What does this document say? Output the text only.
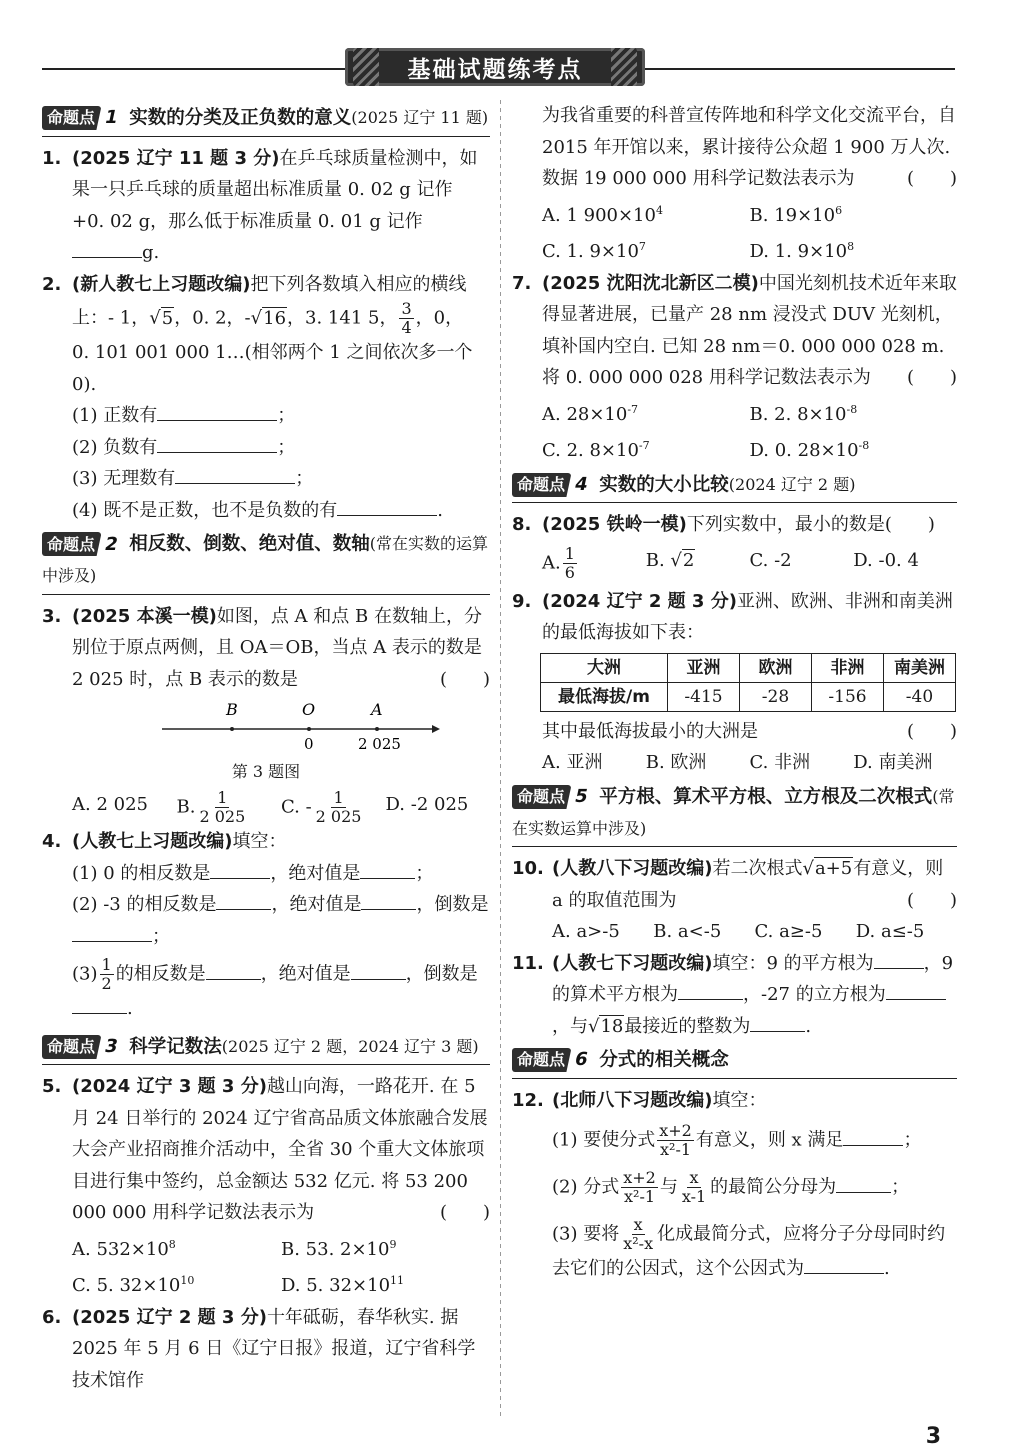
基础试题练考点
命题点 1 实数的分类及正负数的意义(2025 辽宁 11 题)
1. (2025 辽宁 11 题 3 分)在乒乓球质量检测中，如果一只乒乓球的质量超出标准质量 0. 02 g 记作 +0. 02 g，那么低于标准质量 0. 01 g 记作g.
2. (新人教七上习题改编)把下列各数填入相应的横线上：- 1，√5，0. 2，-√16，3. 141 5， $\frac{3}{4}$ ，0，
0. 101 001 000 1…(相邻两个 1 之间依次多一个 0).
(1) 正数有	；
(2) 负数有	；
(3) 无理数有	；
(4) 既不是正数，也不是负数的有	.
命题点 2 相反数、倒数、绝对值、数轴(常在实数的运算中涉及)
3. (2025 本溪一模)如图，点 A 和点 B 在数轴上，分别位于原点两侧，且 OA＝OB，当点 A 表示的数是 2 025 时，点 B 表示的数是	(　　)
B	O	A
0	2 025
第 3 题图
A. 2 025	B. $\frac{1}{2 025} C$. - $\frac{1}{2 025} D$. -2 025
4. (人教七上习题改编)填空：
(1) 0 的相反数是	，绝对值是	；
(2) -3 的相反数是	，绝对值是	，倒数是；
$(3) \frac{1}{2}$ 的相反数是	，绝对值是	，倒数是.
命题点 3 科学记数法(2025 辽宁 2 题，2024 辽宁 3 题)
5. (2024 辽宁 3 题 3 分)越山向海，一路花开. 在 5 月 24 日举行的 2024 辽宁省高品质文体旅融合发展大会产业招商推介活动中，全省 30 个重大文体旅项目进行集中签约，总金额达 532 亿元. 将 53 200 000 000 用科学记数法表示为	(　　)
A. $532\times 10^8$	B. 53. $2\times 10^9$
C. 5. $32\times 10^{10}$	D. 5. $32\times 10^{11}$
6. (2025 辽宁 2 题 3 分)十年砥砺，春华秋实. 据 2025 年 5 月 6 日《辽宁日报》报道，辽宁省科学技术馆作
为我省重要的科普宣传阵地和科学文化交流平台，自 2015 年开馆以来，累计接待公众超 1 900 万人次. 数据 19 000 000 用科学记数法表示为	(　　)
A. 1 $900\times 10^4$	B. $19\times 10^6$
C. 1. $9\times 10^7$	D. 1. $9\times 10^8$
7. (2025 沈阳沈北新区二模)中国光刻机技术近年来取得显著进展，已量产 28 nm 浸没式 DUV 光刻机，填补国内空白. 已知 28 nm＝0. 000 000 028 m. 将 0. 000 000 028 用科学记数法表示为 (　　)
A. $28\times 10^{-7}$	B. 2. $8\times 10^{-8}$
C. 2. $8\times 10^{-7}$	D. 0. $28\times 10^{-8}$
命题点 4 实数的大小比较(2024 辽宁 2 题)
8. (2025 铁岭一模)下列实数中，最小的数是(　　)
A. $\frac{1}{6}$	B. √2	C. -2	D. -0. 4
9. (2024 辽宁 2 题 3 分)亚洲、欧洲、非洲和南美洲的最低海拔如下表：
大洲	亚洲	欧洲	非洲	南美洲
最低海拔/m	-415	-28	-156	-40
其中最低海拔最小的大洲是	(　　)
A. 亚洲	B. 欧洲	C. 非洲	D. 南美洲
命题点 5 平方根、算术平方根、立方根及二次根式(常在实数运算中涉及)
10. (人教八下习题改编)若二次根式√a+5有意义，则 a 的取值范围为	(　　)
A. a>-5	B. a<-5	C. a≥-5	D. a≤-5
11. (人教七下习题改编)填空：9 的平方根为	，9 的算术平方根为	，-27 的立方根为，与√18最接近的整数为	.
命题点 6 分式的相关概念
12. (北师八下习题改编)填空：
(1) 要使分式 $\frac{x+2}{\text{x²-1}}$ 有意义，则 x 满足	；
(2) 分式 $\frac{x+2}{\text{x²-1}}$ 与 $\frac{x}{x-1}$ 的最简公分母为	；
(3) 要将 $\frac{x}{\text{x²-x}}$ 化成最简分式，应将分子分母同时约去它们的公因式，这个公因式为	.
3
